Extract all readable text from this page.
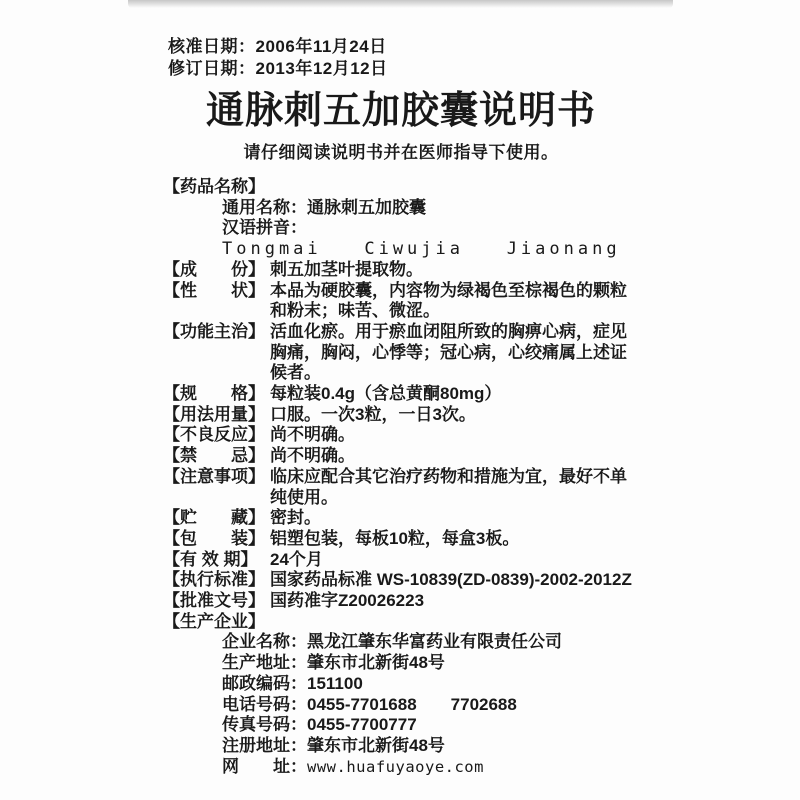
核准日期：2006年11月24日
修订日期：2013年12月12日
通脉刺五加胶囊说明书
请仔细阅读说明书并在医师指导下使用。
【药品名称】
通用名称：通脉刺五加胶囊
汉语拼音：Tongmai   Ciwujia   Jiaonang
【成　　份】 刺五加茎叶提取物。
【性　　状】 本品为硬胶囊，内容物为绿褐色至棕褐色的颗粒和粉末；味苦、微涩。
【功能主治】 活血化瘀。用于瘀血闭阻所致的胸痹心病，症见胸痛，胸闷，心悸等；冠心病，心绞痛属上述证候者。
【规　　格】 每粒装0.4g（含总黄酮80mg）
【用法用量】 口服。一次3粒，一日3次。
【不良反应】 尚不明确。
【禁　　忌】 尚不明确。
【注意事项】 临床应配合其它治疗药物和措施为宜，最好不单纯使用。
【贮　　藏】 密封。
【包　　装】 铝塑包装，每板10粒，每盒3板。
【有 效 期】 24个月
【执行标准】 国家药品标准 WS-10839(ZD-0839)-2002-2012Z
【批准文号】 国药准字Z20026223
【生产企业】
企业名称：黑龙江肇东华富药业有限责任公司
生产地址：肇东市北新街48号
邮政编码：151100
电话号码：0455-7701688　　7702688
传真号码：0455-7700777
注册地址：肇东市北新街48号
网　　址：www.huafuyaoye.com
